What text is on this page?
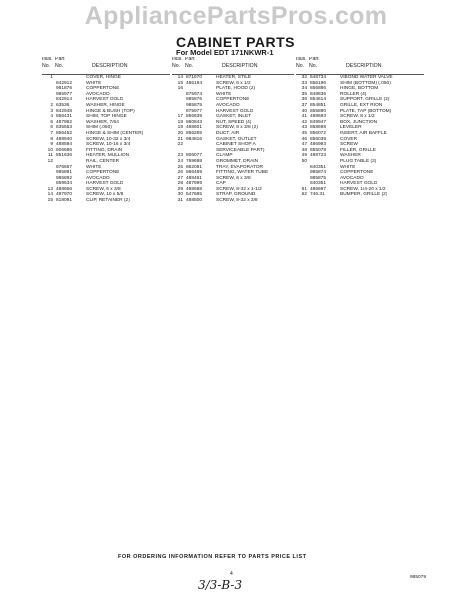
AppliancePartsPros.com
CABINET PARTS
For Model EDT 171NKWR-1
Illus. Part
No. No.	DESCRIPTION
1	COVER, HINGE
842912	WHITE
981876	COPPERTONE
985977	AVOCADO
842914	HARVEST GOLD
2 63536	WASHER, HINGE
3 842948	HINGE & BUSH (TOP)
4 856431	SHIM, TOP HINGE
5 487962	WASHER, 7/64
6 835553	SHIM (.050)
7 856452	HINGE & SHIM (CENTER)
8 488940	SCREW, 10-32 x 3/4
9 488594	SCREW, 10-16 x 3/4
10 806686	FITTING, DRAIN
11 851636	HEATER, MULLION
12	RAIL, CENTER
876667	WHITE
985891	COPPERTONE
985892	AVOCADO
859634	HARVEST GOLD
13 488656	SCREW, 6 x 3/8
14 487970	SCREW, 10 x 5/8
15 818091	CLIP, RETAINER (2)
Illus. Part
No. No.	DESCRIPTION
14 871670	HEATER, STILE
15 486194	SCREW, 6 x 1/2
16	PLATE, HOOD (2)
875974	WHITE
985876	COPPERTONE
985875	AVOCADO
875977	HARVEST GOLD
17 856639	GASKET, INLET
18 860843	NUT, SPEED (4)
19 488601	SCREW, 8 x 3/8 (2)
20 856265	DUCT, AIR
21 984816	GASKET, OUTLET
22	CABINET SHOP A
SERVICEABLE PART)
23 806077	CLAMP
24 769698	GROMMET, DRAIN
25 862081	TRAY, EVAPORATOR
26 866489	FITTING, WATER TUBE
27 488461	SCREW, 6 x 3/8
28 487999	CAP
29 498688	SCREW, 8-32 x 1-1/2
30 547685	STRAP, GROUND
31 488500	SCREW, 8-32 x 3/8
Illus. Part
No. No.	DESCRIPTION
32 548734	VIBOND WATER VALVE
33 856196	SHIM (BOTTOM) (.050)
34 856886	HINGE, BOTTOM
35 848836	ROLLER (4)
36 854614	SUPPORT, GRILLE (2)
37 854851	GRILLE, EXT RION
40 855890	PLATE, TAP (BOTTOM)
41 488693	SCREW, 8 x 1/2
42 849947	BOX, JUNCTION
43 858698	LEVELER
45 856072	INSERT, AIR BAFFLE
46 856039	COVER
47 486993	SCREW
48 855078	FILLER, GRILLE
49 498723	WASHER
50	PLUG TABLE (2)
840351	WHITE
985874	COPPERTONE
985875	AVOCADO
840351	HARVEST GOLD
61 486697	SCREW, 1/4-20 x 1/2
62 746.31	BUMPER, GRILLE (2)
FOR ORDERING INFORMATION REFER TO PARTS PRICE LIST
4
3/3-B-3
985079
